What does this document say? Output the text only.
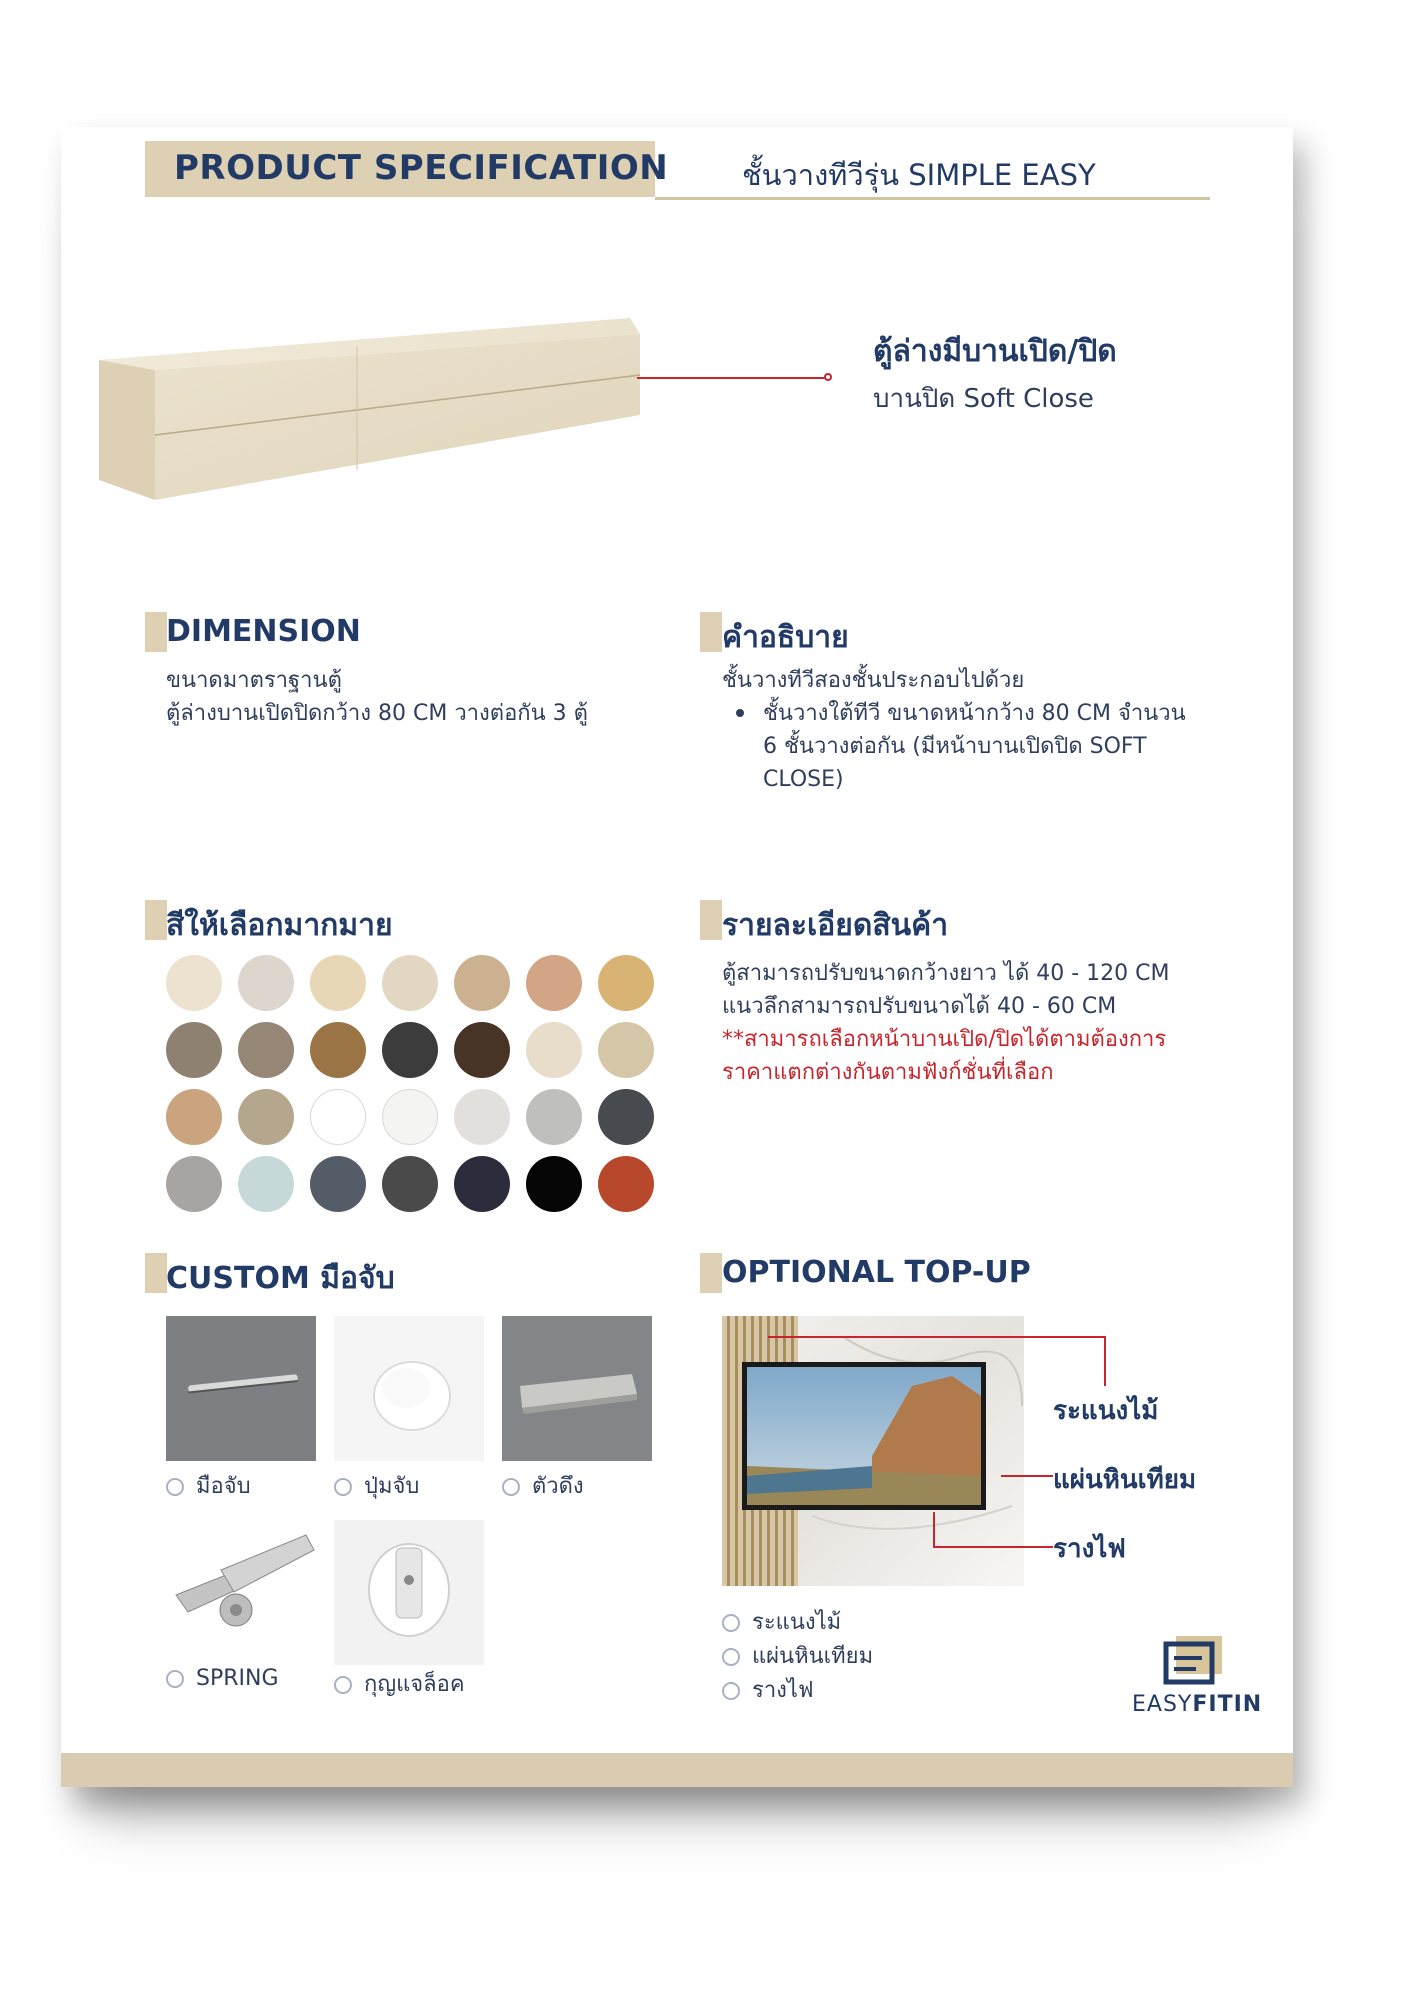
PRODUCT SPECIFICATION	ชั้นวางทีวีรุ่น SIMPLE EASY
ตู้ล่างมีบานเปิด/ปิด
บานปิด Soft Close
DIMENSION
ขนาดมาตราฐานตู้
ตู้ล่างบานเปิดปิดกว้าง 80 CM วางต่อกัน 3 ตู้
คำอธิบาย
ชั้นวางทีวีสองชั้นประกอบไปด้วย
ชั้นวางใต้ทีวี ขนาดหน้ากว้าง 80 CM จำนวน
6 ชั้นวางต่อกัน (มีหน้าบานเปิดปิด SOFT
CLOSE)
สีให้เลือกมากมาย	รายละเอียดสินค้า
ตู้สามารถปรับขนาดกว้างยาว ได้ 40 - 120 CM
แนวลึกสามารถปรับขนาดได้ 40 - 60 CM
**สามารถเลือกหน้าบานเปิด/ปิดได้ตามต้องการ
ราคาแตกต่างกันตามฟังก์ชั่นที่เลือก
CUSTOM มือจับ
มือจับ	ปุ่มจับ	ตัวดึง
SPRING	กุญแจล็อค
OPTIONAL TOP-UP
ระแนงไม้
แผ่นหินเทียม
รางไฟ
ระแนงไม้
แผ่นหินเทียม
รางไฟ
EASYFITIN
